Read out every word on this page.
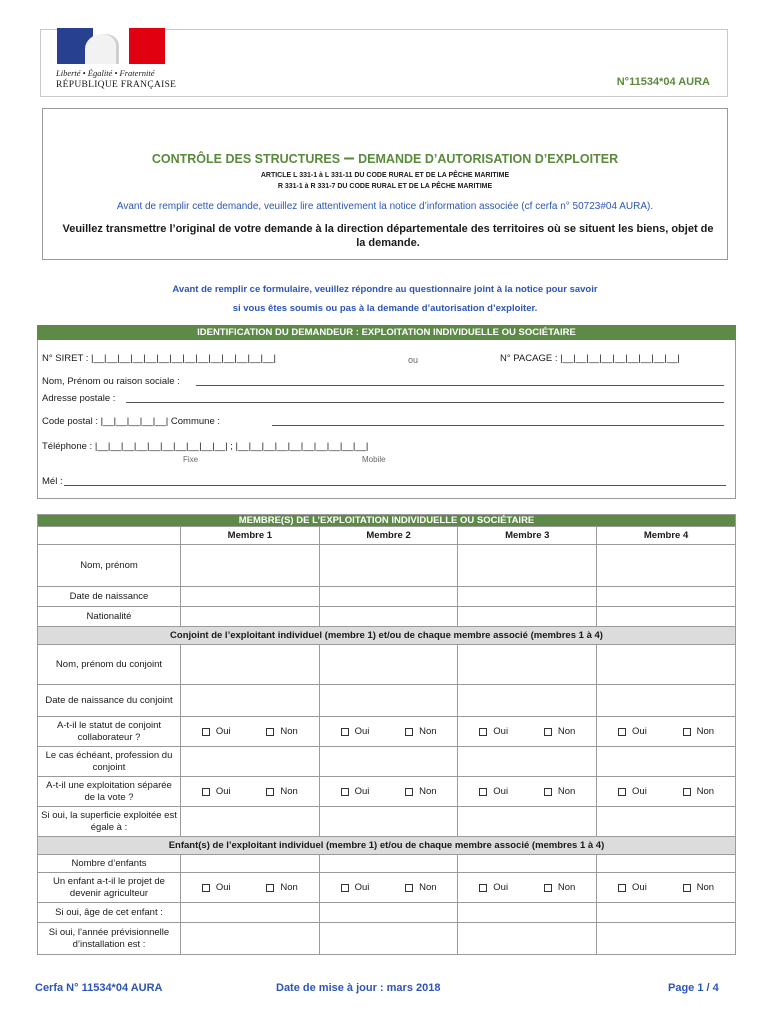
Liberté • Égalité • Fraternité
RÉPUBLIQUE FRANÇAISE	N°11534*04 AURA
CONTRÔLE DES STRUCTURES – DEMANDE D’AUTORISATION D’EXPLOITER
ARTICLE L 331-1 à L 331-11 DU CODE RURAL ET DE LA PÊCHE MARITIME
R 331-1 à R 331-7 DU CODE RURAL ET DE LA PÊCHE MARITIME
Avant de remplir cette demande, veuillez lire attentivement la notice d’information associée (cf cerfa n° 50723#04 AURA).
Veuillez transmettre l’original de votre demande à la direction départementale des territoires où se situent les biens, objet de la demande.
Avant de remplir ce formulaire, veuillez répondre au questionnaire joint à la notice pour savoir
si vous êtes soumis ou pas à la demande d’autorisation d’exploiter.
IDENTIFICATION DU DEMANDEUR : EXPLOITATION INDIVIDUELLE OU SOCIÉTAIRE
N° SIRET : |__|__|__|__|__|__|__|__|__|__|__|__|__|__|	ou	N° PACAGE : |__|__|__|__|__|__|__|__|__|
Nom, Prénom ou raison sociale :
Adresse postale :
Code postal : |__|__|__|__|__| Commune :
Téléphone : |__|__|__|__|__|__|__|__|__|__| ; |__|__|__|__|__|__|__|__|__|__|
Fixe	Mobile
Mél :
MEMBRE(S) DE L’EXPLOITATION INDIVIDUELLE OU SOCIÉTAIRE				
	Membre 1	Membre 2	Membre 3	Membre 4
Nom, prénom				
Date de naissance				
Nationalité				
Conjoint de l’exploitant individuel (membre 1) et/ou de chaque membre associé (membres 1 à 4)				
Nom, prénom du conjoint				
Date de naissance du conjoint				
A-t-il le statut de conjoint collaborateur ?	Oui Non	Oui Non	Oui Non	Oui Non

Le cas échéant, profession du conjoint				
A-t-il une exploitation séparée de la vote ?	Oui Non	Oui Non	Oui Non	Oui Non

Si oui, la superficie exploitée est égale à :				
Enfant(s) de l’exploitant individuel (membre 1) et/ou de chaque membre associé (membres 1 à 4)				
Nombre d’enfants				
Un enfant a-t-il le projet de devenir agriculteur	Oui Non	Oui Non	Oui Non	Oui Non

Si oui, âge de cet enfant :				
Si oui, l’année prévisionnelle d’installation est :				
Cerfa N° 11534*04 AURA	Date de mise à jour : mars 2018	Page 1 / 4
